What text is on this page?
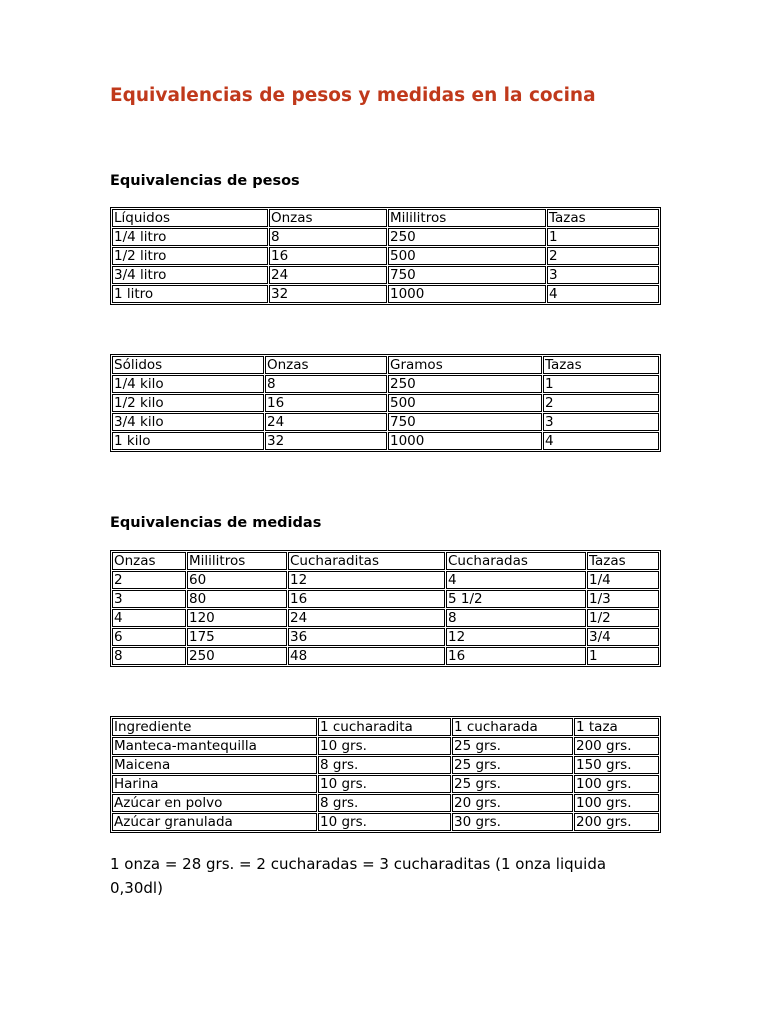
Equivalencias de pesos y medidas en la cocina
Equivalencias de pesos
Líquidos	Onzas	Mililitros	Tazas
1/4 litro	8	250	1
1/2 litro	16	500	2
3/4 litro	24	750	3
1 litro	32	1000	4
Sólidos	Onzas	Gramos	Tazas
1/4 kilo	8	250	1
1/2 kilo	16	500	2
3/4 kilo	24	750	3
1 kilo	32	1000	4
Equivalencias de medidas
Onzas	Mililitros	Cucharaditas	Cucharadas	Tazas
2	60	12	4	1/4
3	80	16	5 1/2	1/3
4	120	24	8	1/2
6	175	36	12	3/4
8	250	48	16	1
Ingrediente	1 cucharadita	1 cucharada	1 taza
Manteca-mantequilla	10 grs.	25 grs.	200 grs.
Maicena	8 grs.	25 grs.	150 grs.
Harina	10 grs.	25 grs.	100 grs.
Azúcar en polvo	8 grs.	20 grs.	100 grs.
Azúcar granulada	10 grs.	30 grs.	200 grs.

1 onza = 28 grs. = 2 cucharadas = 3 cucharaditas (1 onza liquida 0,30dl)
